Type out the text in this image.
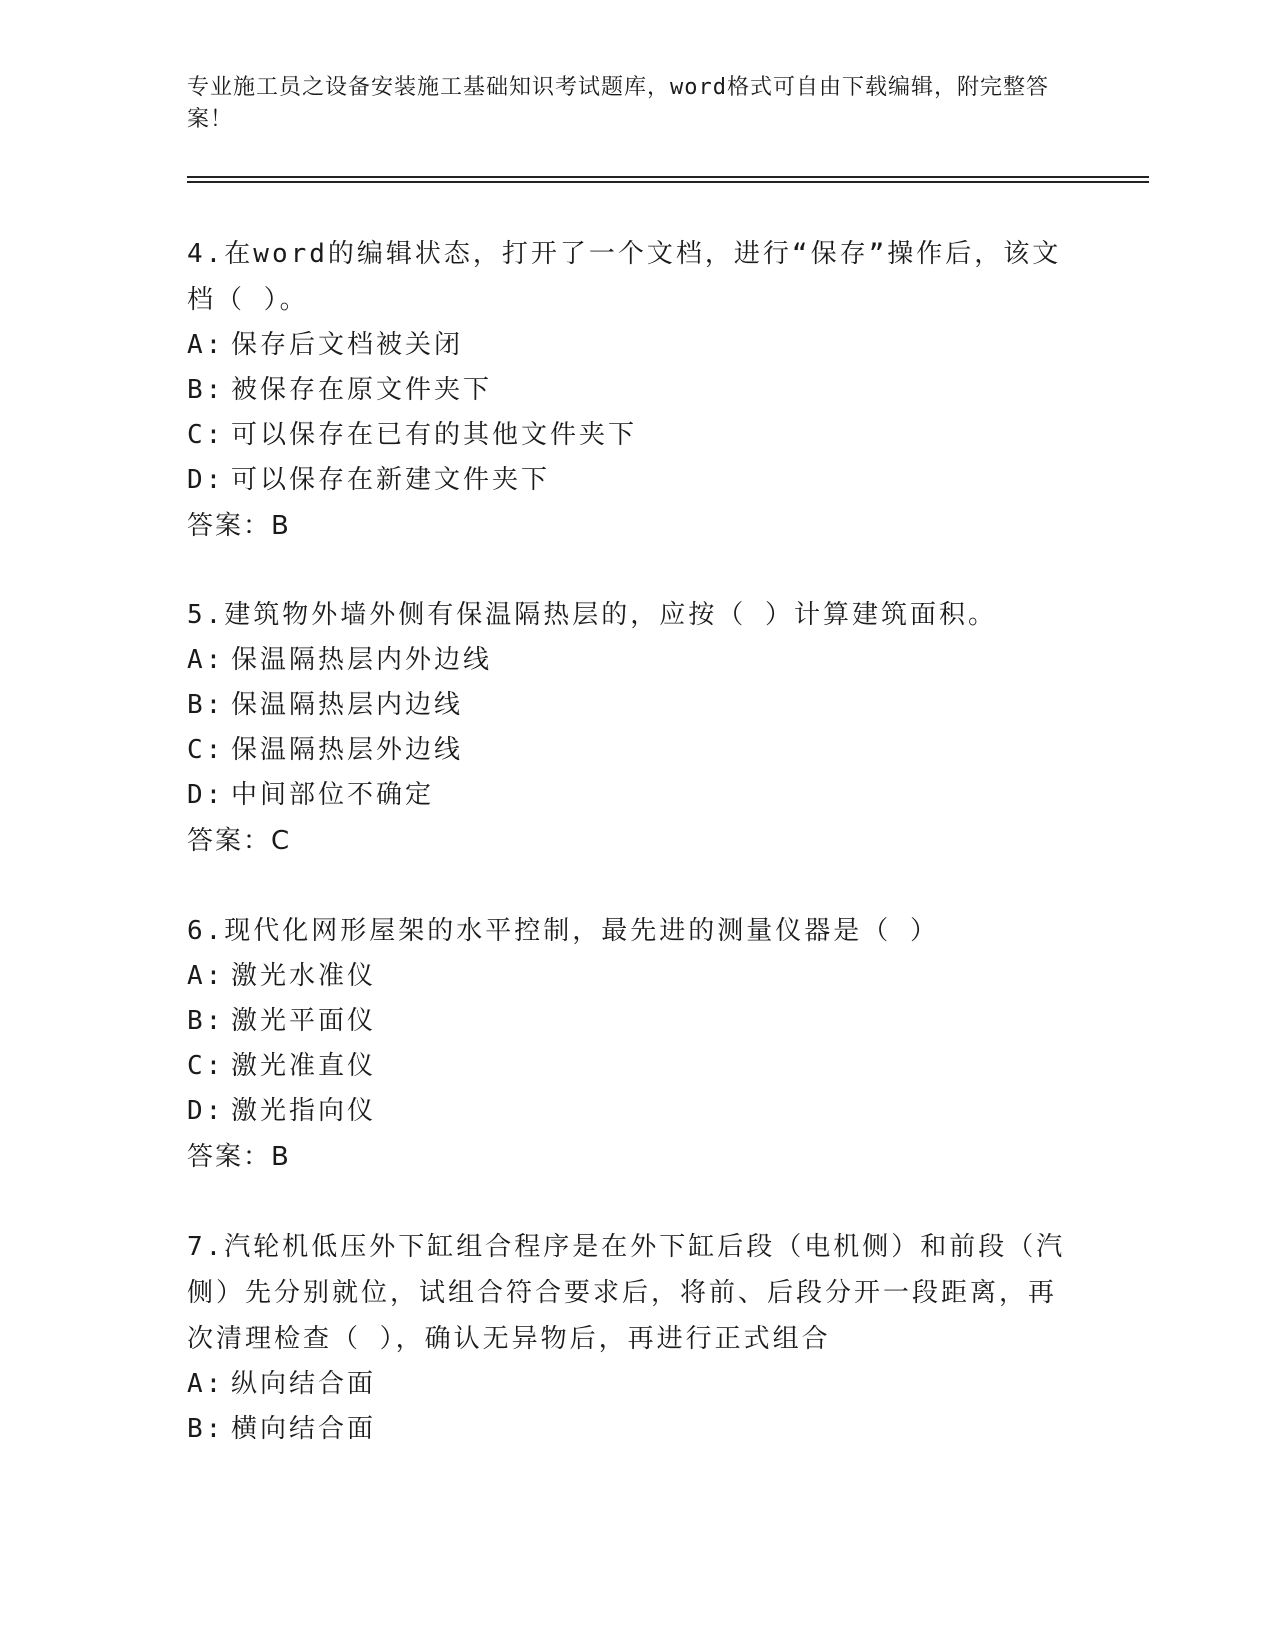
专业施工员之设备安装施工基础知识考试题库，word格式可自由下载编辑，附完整答案！
4.在word的编辑状态，打开了一个文档，进行“保存”操作后，该文档（ ）。
A: 保存后文档被关闭
B: 被保存在原文件夹下
C: 可以保存在已有的其他文件夹下
D: 可以保存在新建文件夹下
答案：B
5.建筑物外墙外侧有保温隔热层的，应按（ ）计算建筑面积。
A: 保温隔热层内外边线
B: 保温隔热层内边线
C: 保温隔热层外边线
D: 中间部位不确定
答案：C
6.现代化网形屋架的水平控制，最先进的测量仪器是（ ）
A: 激光水准仪
B: 激光平面仪
C: 激光准直仪
D: 激光指向仪
答案：B
7.汽轮机低压外下缸组合程序是在外下缸后段（电机侧）和前段（汽侧）先分别就位，试组合符合要求后，将前、后段分开一段距离，再次清理检查（ ），确认无异物后，再进行正式组合
A: 纵向结合面
B: 横向结合面
